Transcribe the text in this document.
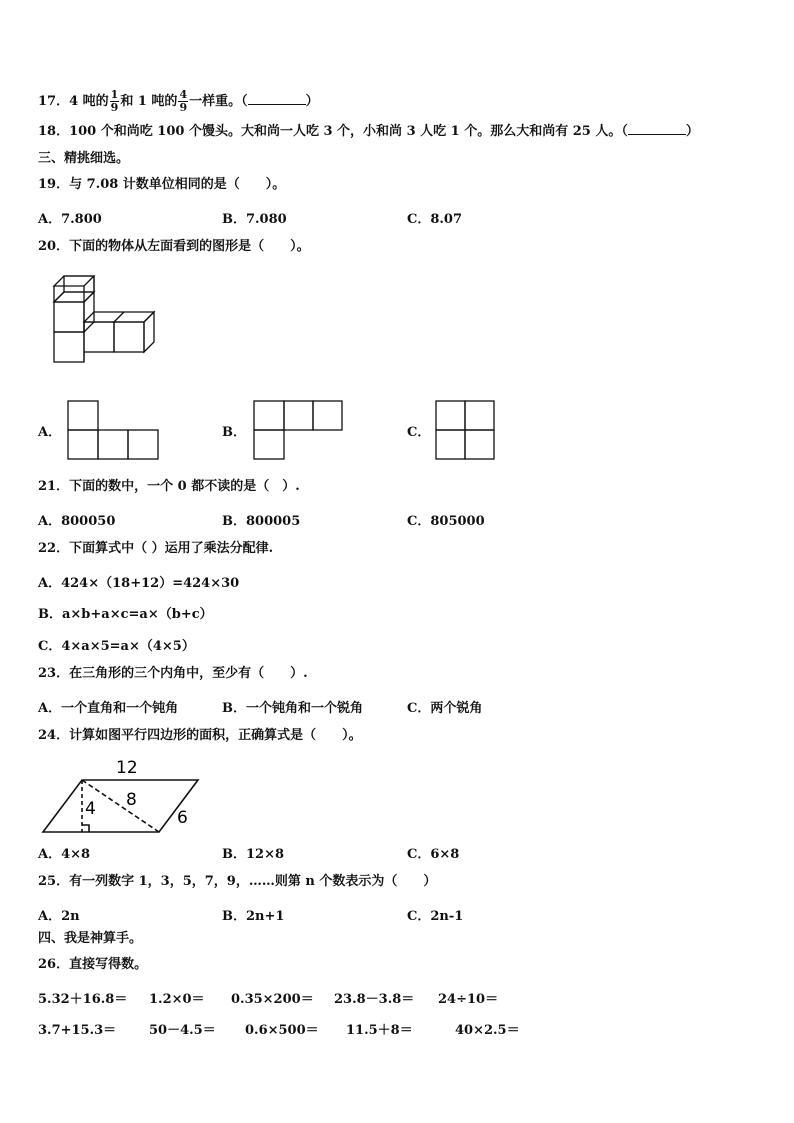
17．4 吨的 $\frac{1}{9}$ 和 1 吨的 $\frac{4}{9}$ 一样重。（	）
18．100 个和尚吃 100 个馒头。大和尚一人吃 3 个，小和尚 3 人吃 1 个。那么大和尚有 25 人。（	）
三、精挑细选。
19．与 7.08 计数单位相同的是（　　）。
A．7.800	B．7.080	C．8.07
20．下面的物体从左面看到的图形是（　　）。
A．	B．	C．
21．下面的数中，一个 0 都不读的是（　）.
A．800050	B．800005	C．805000
22．下面算式中（ ）运用了乘法分配律.
A．424×（18+12）=424×30
B．a×b+a×c=a×（b+c）
C．4×a×5=a×（4×5）
23．在三角形的三个内角中，至少有（　　）.
A．一个直角和一个钝角	B．一个钝角和一个锐角	C．两个锐角
24．计算如图平行四边形的面积，正确算式是（　　）。
12
4 8
6
A．4×8	B．12×8	C．6×8
25．有一列数字 1，3，5，7，9，……则第 n 个数表示为（　　）
A．2n	B．2n+1	C．2n-1
四、我是神算手。
26．直接写得数。
5.32＋16.8＝ 1.2×0＝ 0.35×200＝ 23.8－3.8＝ 24÷10＝
3.7+15.3＝	50－4.5＝ 0.6×500＝ 11.5＋8＝	40×2.5＝
